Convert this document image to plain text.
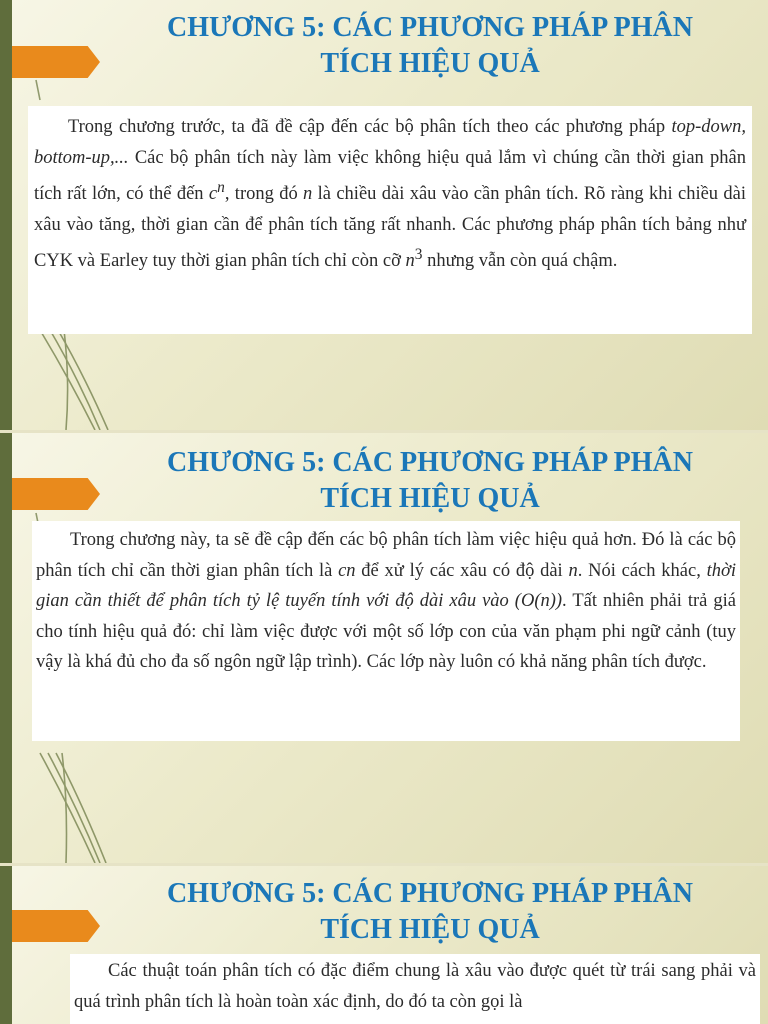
CHƯƠNG 5: CÁC PHƯƠNG PHÁP PHÂN
TÍCH HIỆU QUẢ

Trong chương trước, ta đã đề cập đến các bộ phân tích theo các phương pháp top-down, bottom-up,... Các bộ phân tích này làm việc không hiệu quả lắm vì chúng cần thời gian phân tích rất lớn, có thể đến $c^n$, trong đó n là chiều dài xâu vào cần phân tích. Rõ ràng khi chiều dài xâu vào tăng, thời gian cần để phân tích tăng rất nhanh. Các phương pháp phân tích bảng như CYK và Earley tuy thời gian phân tích chỉ còn cỡ $n^3$ nhưng vẫn còn quá chậm.

CHƯƠNG 5: CÁC PHƯƠNG PHÁP PHÂN
TÍCH HIỆU QUẢ

Trong chương này, ta sẽ đề cập đến các bộ phân tích làm việc hiệu quả hơn. Đó là các bộ phân tích chỉ cần thời gian phân tích là cn để xử lý các xâu có độ dài n. Nói cách khác, thời gian cần thiết để phân tích tỷ lệ tuyến tính với độ dài xâu vào (O(n)). Tất nhiên phải trả giá cho tính hiệu quả đó: chỉ làm việc được với một số lớp con của văn phạm phi ngữ cảnh (tuy vậy là khá đủ cho đa số ngôn ngữ lập trình). Các lớp này luôn có khả năng phân tích được.

CHƯƠNG 5: CÁC PHƯƠNG PHÁP PHÂN
TÍCH HIỆU QUẢ

Các thuật toán phân tích có đặc điểm chung là xâu vào được quét từ trái sang phải và quá trình phân tích là hoàn toàn xác định, do đó ta còn gọi là
